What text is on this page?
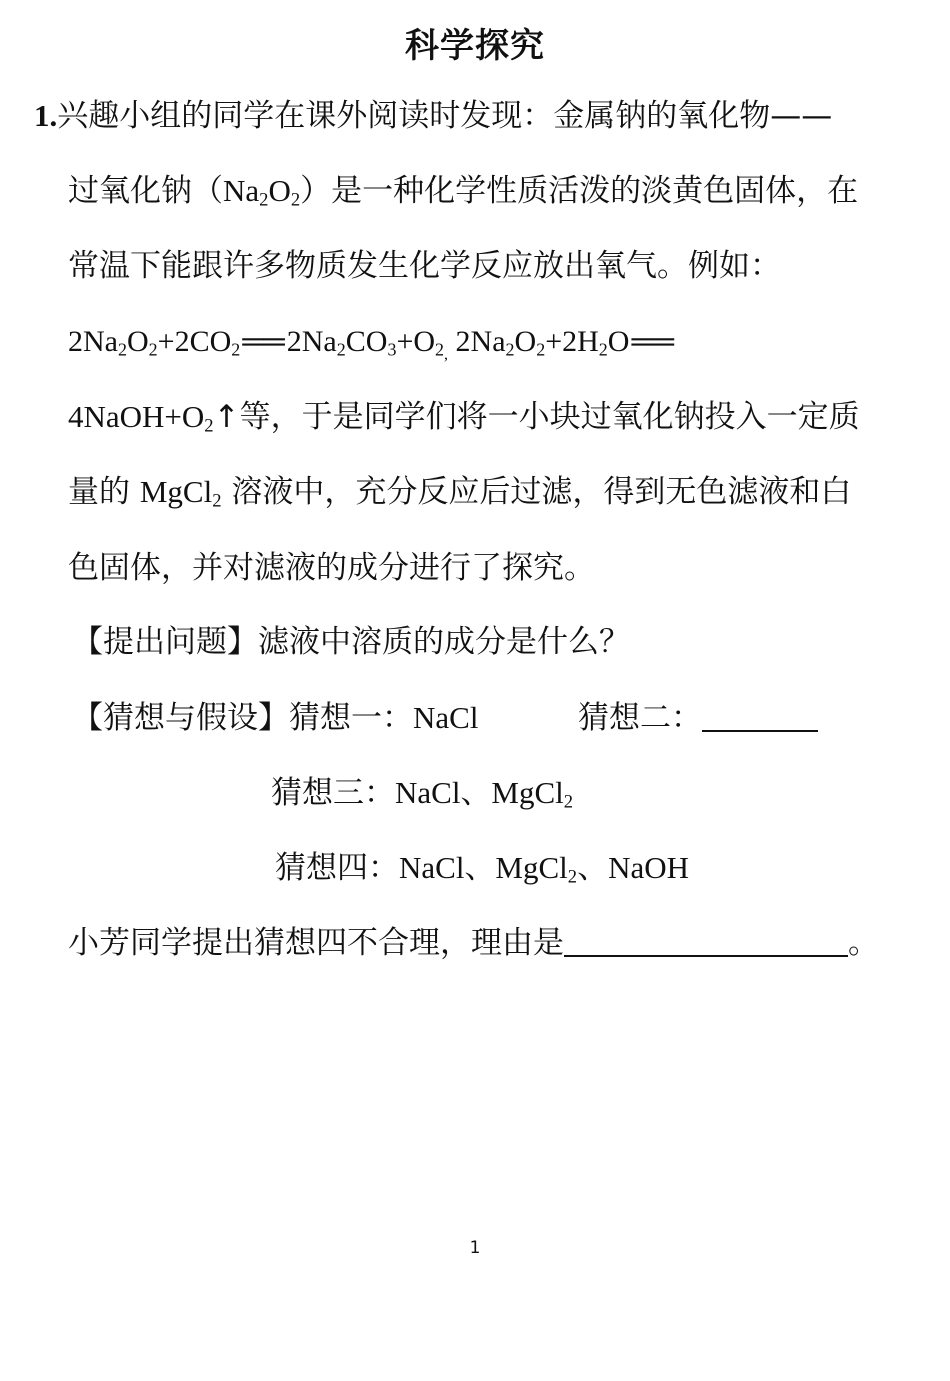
科学探究
1.兴趣小组的同学在课外阅读时发现：金属钠的氧化物——
过氧化钠$(Na_2O_2)$是一种化学性质活泼的淡黄色固体，在
常温下能跟许多物质发生化学反应放出氧气。例如：
$2Na_2O_2+2CO_2══2Na_2CO_3+O_{2,}$ $2Na_2O_2+2H_2O══$
$4NaOH+O_2↑$等，于是同学们将一小块过氧化钠投入一定质
量的 MgCl$_2$ 溶液中，充分反应后过滤，得到无色滤液和白
色固体，并对滤液的成分进行了探究。
【提出问题】滤液中溶质的成分是什么？
【猜想与假设】猜想一：NaCl	猜想二：
猜想三：NaCl、MgCl$_2$
猜想四：NaCl、MgCl$_2$、NaOH
小芳同学提出猜想四不合理，理由是	。
1
